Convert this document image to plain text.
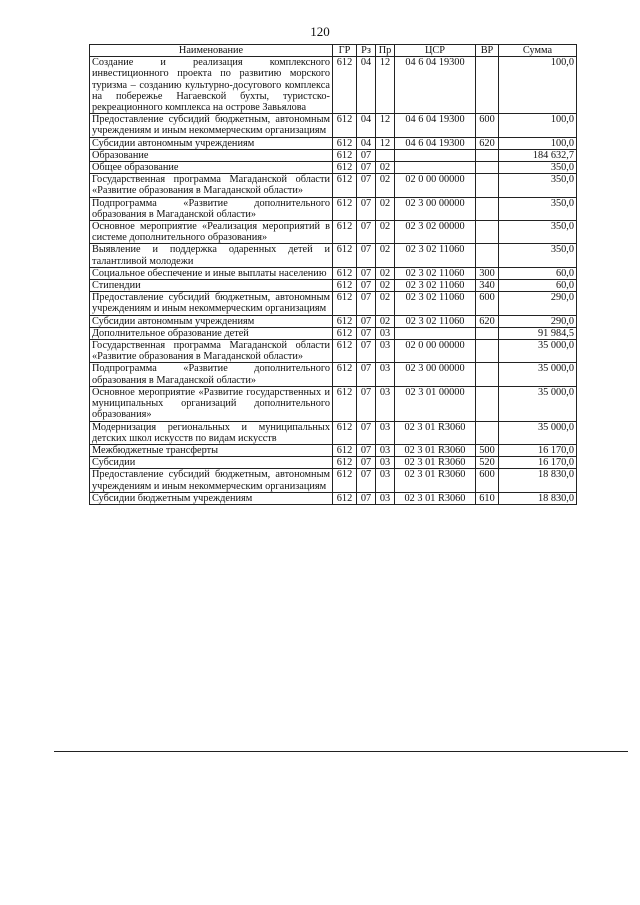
120
Наименование	ГР	Рз	Пр	ЦСР	ВР	Сумма
Создание и реализация комплексного инвестиционного проекта по развитию морского туризма – созданию культурно-досугового комплекса на побережье Нагаевской бухты, туристско-рекреационного комплекса на острове Завьялова	612	04	12	04 6 04 19300		100,0
Предоставление субсидий бюджетным, автономным учреждениям и иным некоммерческим организациям	612	04	12	04 6 04 19300	600	100,0
Субсидии автономным учреждениям	612	04	12	04 6 04 19300	620	100,0
Образование	612	07				184 632,7
Общее образование	612	07	02			350,0
Государственная программа Магаданской области «Развитие образования в Магаданской области»	612	07	02	02 0 00 00000		350,0
Подпрограмма «Развитие дополнительного образования в Магаданской области»	612	07	02	02 3 00 00000		350,0
Основное мероприятие «Реализация мероприятий в системе дополнительного образования»	612	07	02	02 3 02 00000		350,0
Выявление и поддержка одаренных детей и талантливой молодежи	612	07	02	02 3 02 11060		350,0
Социальное обеспечение и иные выплаты населению	612	07	02	02 3 02 11060	300	60,0
Стипендии	612	07	02	02 3 02 11060	340	60,0
Предоставление субсидий бюджетным, автономным учреждениям и иным некоммерческим организациям	612	07	02	02 3 02 11060	600	290,0
Субсидии автономным учреждениям	612	07	02	02 3 02 11060	620	290,0
Дополнительное образование детей	612	07	03			91 984,5
Государственная программа Магаданской области «Развитие образования в Магаданской области»	612	07	03	02 0 00 00000		35 000,0
Подпрограмма «Развитие дополнительного образования в Магаданской области»	612	07	03	02 3 00 00000		35 000,0
Основное мероприятие «Развитие государственных и муниципальных организаций дополнительного образования»	612	07	03	02 3 01 00000		35 000,0
Модернизация региональных и муниципальных детских школ искусств по видам искусств	612	07	03	02 3 01 R3060		35 000,0
Межбюджетные трансферты	612	07	03	02 3 01 R3060	500	16 170,0
Субсидии	612	07	03	02 3 01 R3060	520	16 170,0
Предоставление субсидий бюджетным, автономным учреждениям и иным некоммерческим организациям	612	07	03	02 3 01 R3060	600	18 830,0
Субсидии бюджетным учреждениям	612	07	03	02 3 01 R3060	610	18 830,0
